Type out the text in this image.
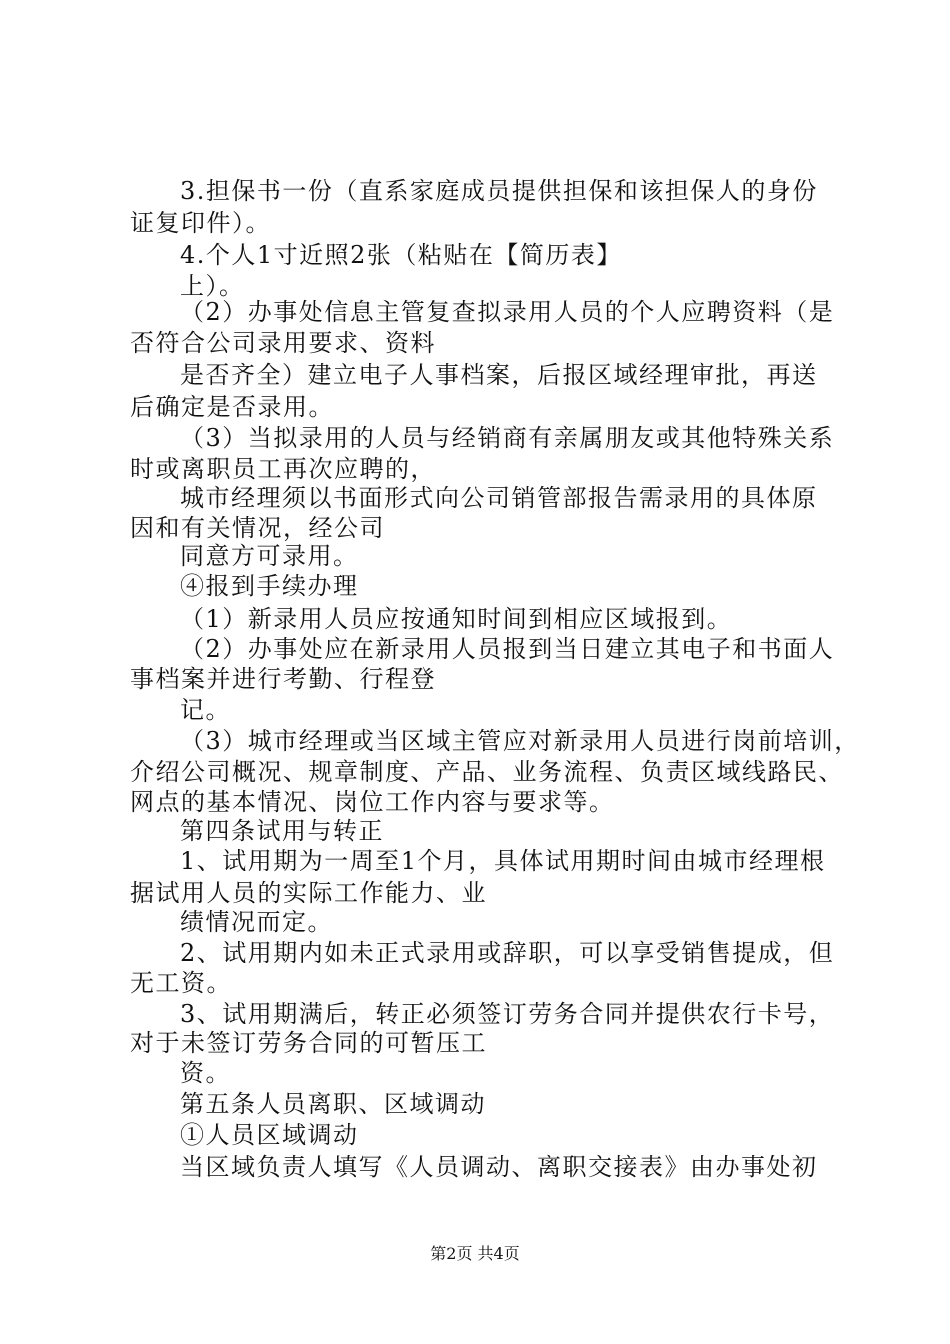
3.担保书一份（直系家庭成员提供担保和该担保人的身份
证复印件）。
4.个人1寸近照2张（粘贴在【简历表】
上）。
（2）办事处信息主管复查拟录用人员的个人应聘资料（是
否符合公司录用要求、资料
是否齐全）建立电子人事档案，后报区域经理审批，再送
后确定是否录用。
（3）当拟录用的人员与经销商有亲属朋友或其他特殊关系
时或离职员工再次应聘的，
城市经理须以书面形式向公司销管部报告需录用的具体原
因和有关情况，经公司
同意方可录用。
④报到手续办理
（1）新录用人员应按通知时间到相应区域报到。
（2）办事处应在新录用人员报到当日建立其电子和书面人
事档案并进行考勤、行程登
记。
（3）城市经理或当区域主管应对新录用人员进行岗前培训，
介绍公司概况、规章制度、产品、业务流程、负责区域线路民、
网点的基本情况、岗位工作内容与要求等。
第四条试用与转正
1、试用期为一周至1个月，具体试用期时间由城市经理根
据试用人员的实际工作能力、业
绩情况而定。
2、试用期内如未正式录用或辞职，可以享受销售提成，但
无工资。
3、试用期满后，转正必须签订劳务合同并提供农行卡号，
对于未签订劳务合同的可暂压工
资。
第五条人员离职、区域调动
①人员区域调动
当区域负责人填写《人员调动、离职交接表》由办事处初
第2页 共4页
